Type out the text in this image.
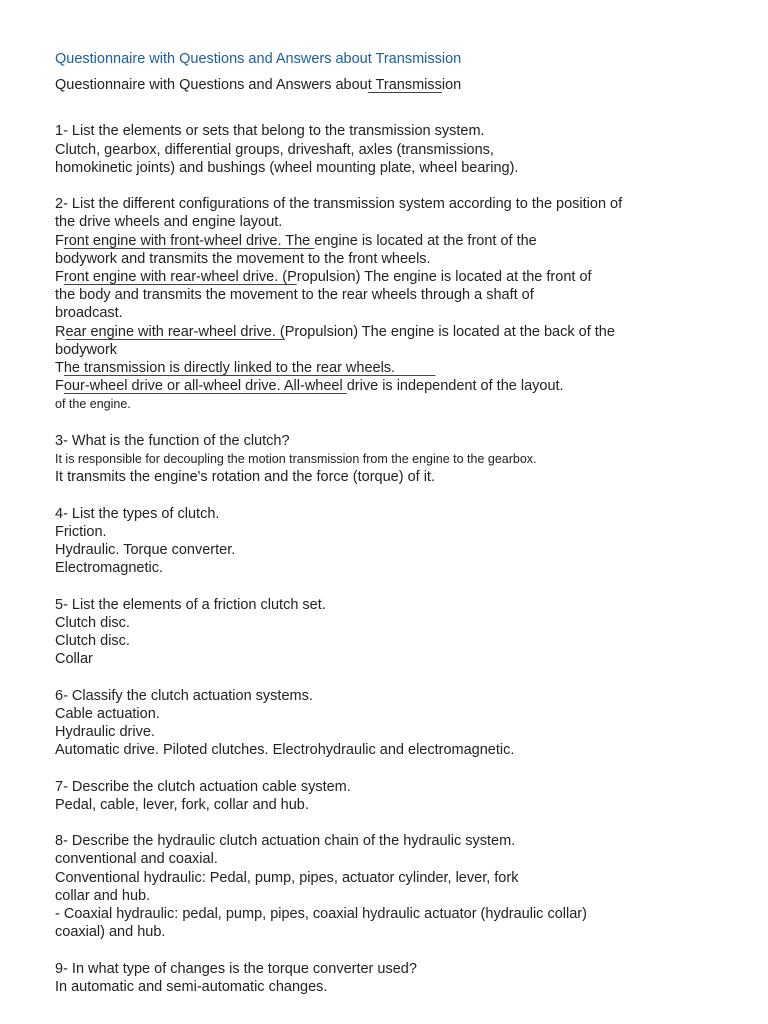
Questionnaire with Questions and Answers about Transmission
Questionnaire with Questions and Answers about Transmission
1- List the elements or sets that belong to the transmission system.
Clutch, gearbox, differential groups, driveshaft, axles (transmissions,
homokinetic joints) and bushings (wheel mounting plate, wheel bearing).
2- List the different configurations of the transmission system according to the position of
the drive wheels and engine layout.
Front engine with front-wheel drive. The engine is located at the front of the
bodywork and transmits the movement to the front wheels.
Front engine with rear-wheel drive. (Propulsion) The engine is located at the front of
the body and transmits the movement to the rear wheels through a shaft of
broadcast.
Rear engine with rear-wheel drive. (Propulsion) The engine is located at the back of the
bodywork
The transmission is directly linked to the rear wheels.
Four-wheel drive or all-wheel drive. All-wheel drive is independent of the layout.
of the engine.
3- What is the function of the clutch?
It is responsible for decoupling the motion transmission from the engine to the gearbox.
It transmits the engine's rotation and the force (torque) of it.
4- List the types of clutch.
Friction.
Hydraulic. Torque converter.
Electromagnetic.
5- List the elements of a friction clutch set.
Clutch disc.
Clutch disc.
Collar
6- Classify the clutch actuation systems.
Cable actuation.
Hydraulic drive.
Automatic drive. Piloted clutches. Electrohydraulic and electromagnetic.
7- Describe the clutch actuation cable system.
Pedal, cable, lever, fork, collar and hub.
8- Describe the hydraulic clutch actuation chain of the hydraulic system.
conventional and coaxial.
Conventional hydraulic: Pedal, pump, pipes, actuator cylinder, lever, fork
collar and hub.
- Coaxial hydraulic: pedal, pump, pipes, coaxial hydraulic actuator (hydraulic collar)
coaxial) and hub.
9- In what type of changes is the torque converter used?
In automatic and semi-automatic changes.
